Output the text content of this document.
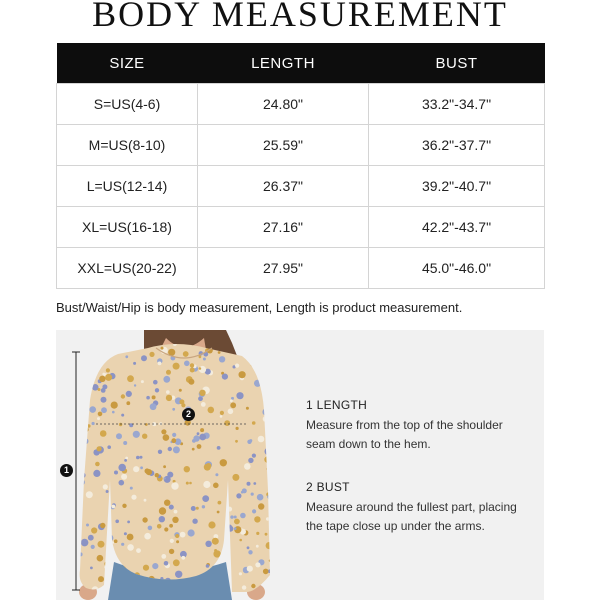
BODY MEASUREMENT
SIZE	LENGTH	BUST
S=US(4-6)	24.80"	33.2"-34.7"
M=US(8-10)	25.59"	36.2"-37.7"
L=US(12-14)	26.37"	39.2"-40.7"
XL=US(16-18)	27.16"	42.2"-43.7"
XXL=US(20-22)	27.95"	45.0"-46.0"
Bust/Waist/Hip is body measurement, Length is product measurement.
1
2
1 LENGTH
Measure from the top of the shoulder
seam down to the hem.
2 BUST
Measure around the fullest part, placing
the tape close up under the arms.
